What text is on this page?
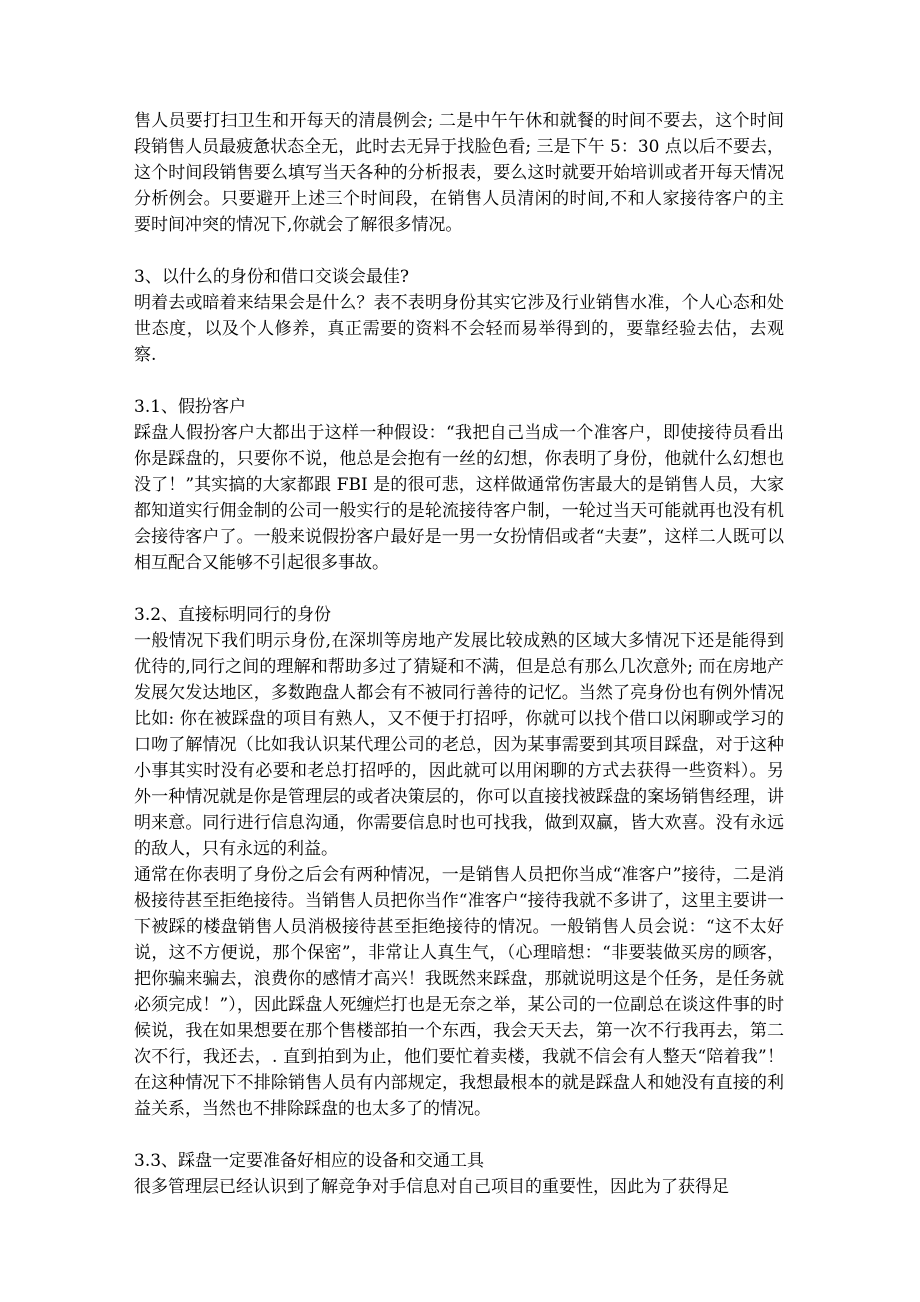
售人员要打扫卫生和开每天的清晨例会; 二是中午午休和就餐的时间不要去，这个时间段销售人员最疲惫状态全无，此时去无异于找脸色看; 三是下午 5：30 点以后不要去，这个时间段销售要么填写当天各种的分析报表，要么这时就要开始培训或者开每天情况分析例会。只要避开上述三个时间段，在销售人员清闲的时间,不和人家接待客户的主要时间冲突的情况下,你就会了解很多情况。

3、以什么的身份和借口交谈会最佳?

明着去或暗着来结果会是什么？表不表明身份其实它涉及行业销售水准，个人心态和处世态度，以及个人修养，真正需要的资料不会轻而易举得到的，要靠经验去估，去观察.

3.1、假扮客户

踩盘人假扮客户大都出于这样一种假设：“我把自己当成一个准客户，即使接待员看出你是踩盘的，只要你不说，他总是会抱有一丝的幻想，你表明了身份，他就什么幻想也没了！”其实搞的大家都跟 FBI 是的很可悲，这样做通常伤害最大的是销售人员，大家都知道实行佣金制的公司一般实行的是轮流接待客户制，一轮过当天可能就再也没有机会接待客户了。一般来说假扮客户最好是一男一女扮情侣或者“夫妻”，这样二人既可以相互配合又能够不引起很多事故。

3.2、直接标明同行的身份

一般情况下我们明示身份,在深圳等房地产发展比较成熟的区域大多情况下还是能得到优待的,同行之间的理解和帮助多过了猜疑和不满，但是总有那么几次意外; 而在房地产发展欠发达地区，多数跑盘人都会有不被同行善待的记忆。当然了亮身份也有例外情况比如: 你在被踩盘的项目有熟人，又不便于打招呼，你就可以找个借口以闲聊或学习的口吻了解情况（比如我认识某代理公司的老总，因为某事需要到其项目踩盘，对于这种小事其实时没有必要和老总打招呼的，因此就可以用闲聊的方式去获得一些资料）。另外一种情况就是你是管理层的或者决策层的，你可以直接找被踩盘的案场销售经理，讲明来意。同行进行信息沟通，你需要信息时也可找我，做到双赢，皆大欢喜。没有永远的敌人，只有永远的利益。

通常在你表明了身份之后会有两种情况，一是销售人员把你当成“准客户”接待，二是消极接待甚至拒绝接待。当销售人员把你当作“准客户“接待我就不多讲了，这里主要讲一下被踩的楼盘销售人员消极接待甚至拒绝接待的情况。一般销售人员会说：“这不太好说，这不方便说，那个保密”，非常让人真生气，（心理暗想：“非要装做买房的顾客，把你骗来骗去，浪费你的感情才高兴！我既然来踩盘，那就说明这是个任务，是任务就必须完成！”），因此踩盘人死缠烂打也是无奈之举，某公司的一位副总在谈这件事的时候说，我在如果想要在那个售楼部拍一个东西，我会天天去，第一次不行我再去，第二次不行，我还去，. 直到拍到为止，他们要忙着卖楼，我就不信会有人整天“陪着我”！　在这种情况下不排除销售人员有内部规定，我想最根本的就是踩盘人和她没有直接的利益关系，当然也不排除踩盘的也太多了的情况。

3.3、踩盘一定要准备好相应的设备和交通工具

很多管理层已经认识到了解竞争对手信息对自己项目的重要性，因此为了获得足
